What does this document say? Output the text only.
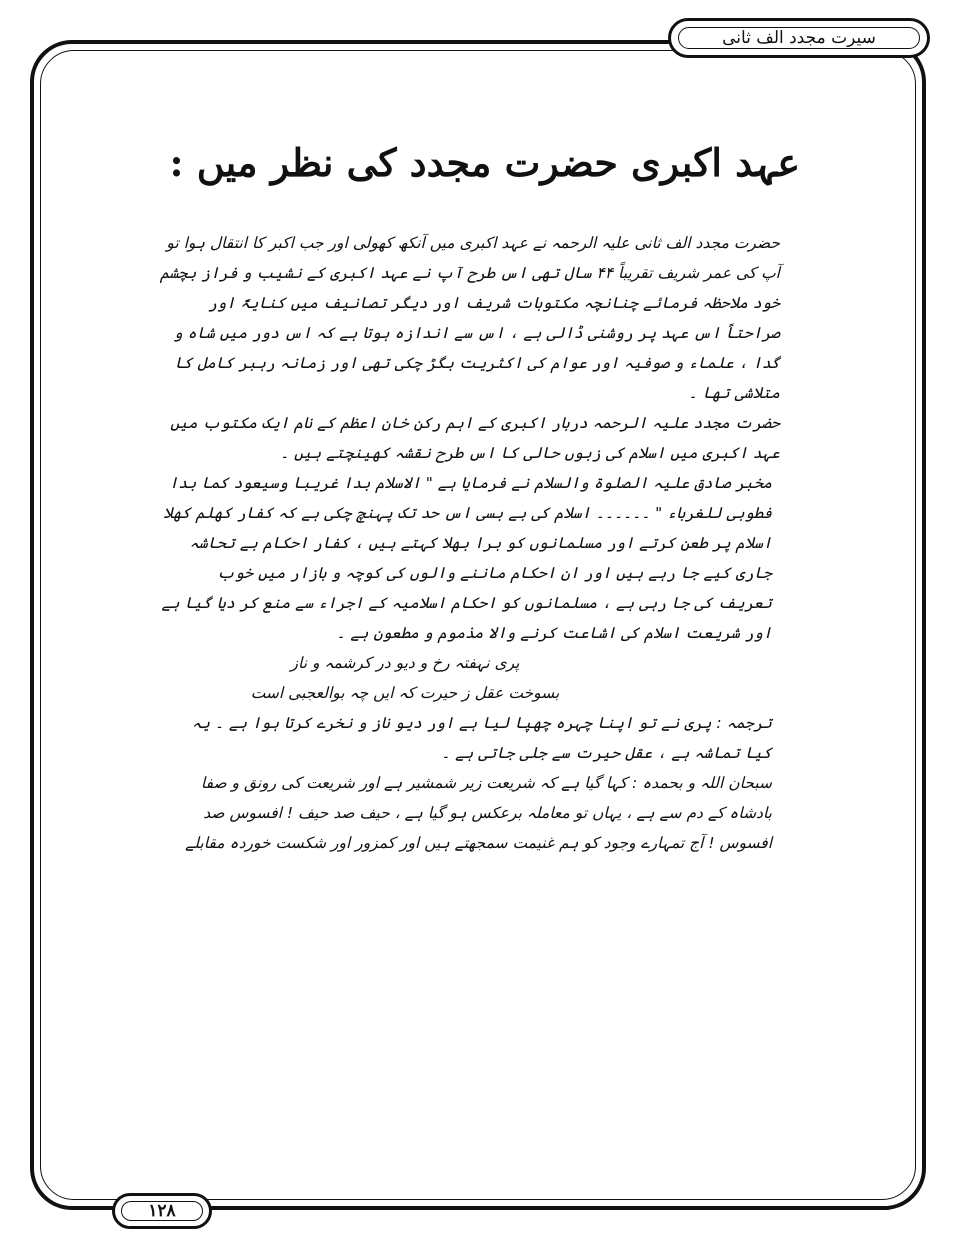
سیرت مجدد الف ثانی
عہد اکبری حضرت مجدد کی نظر میں :

حضرت مجدد الف ثانی علیہ الرحمہ نے عہد اکبری میں آنکھ کھولی اور جب اکبر کا انتقال ہوا تو آپ کی عمر شریف تقریباً ۴۴ سال تھی اس طرح آپ نے عہد اکبری کے نشیب و فراز بچشم خود ملاحظہ فرمائے چنانچہ مکتوبات شریف اور دیگر تصانیف میں کنایۃً اور صراحتاً اس عہد پر روشنی ڈالی ہے ، اس سے اندازہ ہوتا ہے کہ اس دور میں شاہ و گدا ، علماء و صوفیہ اور عوام کی اکثریت بگڑ چکی تھی اور زمانہ رہبر کامل کا متلاشی تھا ۔

حضرت مجدد علیہ الرحمہ دربار اکبری کے اہم رکن خان اعظم کے نام ایک مکتوب میں عہد اکبری میں اسلام کی زبوں حالی کا اس طرح نقشہ کھینچتے ہیں ۔

مخبر صادق علیہ الصلوۃ والسلام نے فرمایا ہے " الاسلام بدا غریبا وسیعود کما بدا فطوبی للغرباء " ۔۔۔۔۔۔ اسلام کی بے بسی اس حد تک پہنچ چکی ہے کہ کفار کھلم کھلا اسلام پر طعن کرتے اور مسلمانوں کو برا بھلا کہتے ہیں ، کفار احکام بے تحاشہ جاری کیے جا رہے ہیں اور ان احکام ماننے والوں کی کوچہ و بازار میں خوب تعریف کی جا رہی ہے ، مسلمانوں کو احکام اسلامیہ کے اجراء سے منع کر دیا گیا ہے اور شریعت اسلام کی اشاعت کرنے والا مذموم و مطعون ہے ۔

پری نہفتہ رخ و دیو در کرشمہ و ناز

بسوخت عقل ز حیرت کہ ایں چہ بوالعجبی است

ترجمہ : پری نے تو اپنا چہرہ چھپا لیا ہے اور دیو ناز و نخرے کرتا ہوا ہے ۔ یہ کیا تماشہ ہے ، عقل حیرت سے جلی جاتی ہے ۔

سبحان اللہ و بحمدہ : کہا گیا ہے کہ شریعت زیر شمشیر ہے اور شریعت کی رونق و صفا بادشاہ کے دم سے ہے ، یہاں تو معاملہ برعکس ہو گیا ہے ، حیف صد حیف ! افسوس صد افسوس ! آج تمہارے وجود کو ہم غنیمت سمجھتے ہیں اور کمزور اور شکست خوردہ مقابلے

۱۲۸
